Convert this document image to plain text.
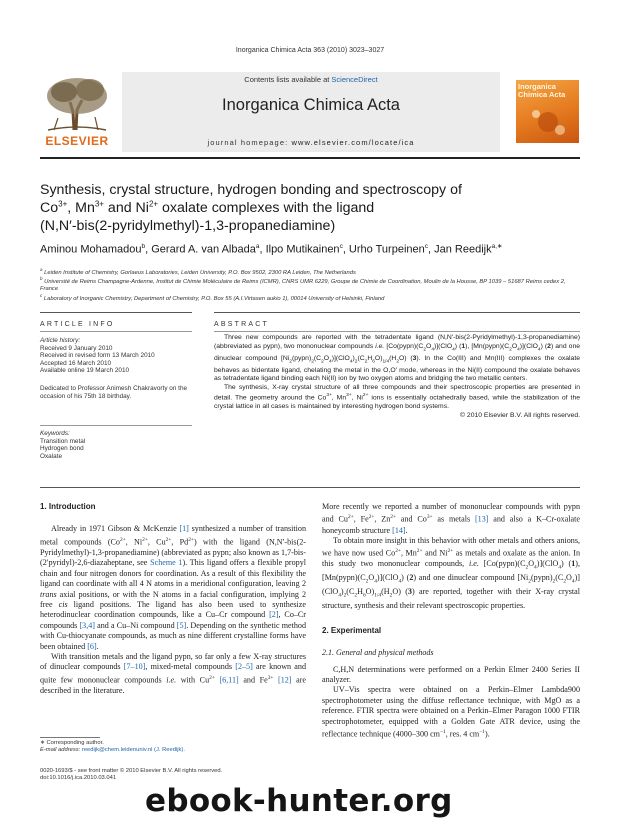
Inorganica Chimica Acta 363 (2010) 3023–3027
Contents lists available at ScienceDirect
Inorganica Chimica Acta
journal homepage: www.elsevier.com/locate/ica
ELSEVIER
Inorganica
Chimica Acta
Synthesis, crystal structure, hydrogen bonding and spectroscopy of
$Co^{3+}$, $Mn^{3+}$ and $Ni^{2+}$ oxalate complexes with the ligand
(N,N′-bis(2-pyridylmethyl)-1,3-propanediamine)
Aminou Mohamadou$^b$, Gerard A. van Albada$^a$, Ilpo Mutikainen$^c$, Urho Turpeinen$^c$, Jan Reedijk$^{a,∗}$
$^a$ Leiden Institute of Chemistry, Gorlaeus Laboratories, Leiden University, P.O. Box 9502, 2300 RA Leiden, The Netherlands
$^b$ Université de Reims Champagne-Ardenne, Institut de Chimie Moléculaire de Reims (ICMR), CNRS UMR 6229, Groupe de Chimie de Coordination, Moulin de la Housse, BP 1039 – 51687 Reims cedex 2, France
$^c$ Laboratory of Inorganic Chemistry, Department of Chemistry, P.O. Box 55 (A.I.Virtasen aukio 1), 00014 University of Helsinki, Finland
ARTICLE INFO	ABSTRACT
Article history:
Received 9 January 2010
Received in revised form 13 March 2010
Accepted 16 March 2010
Available online 19 March 2010
Dedicated to Professor Animesh Chakravorty on the occasion of his 75th 18 birthday.
Keywords:
Transition metal
Hydrogen bond
Oxalate

Three new compounds are reported with the tetradentate ligand (N,N′-bis(2-Pyridylmethyl)-1,3-propanediamine) (abbreviated as pypn), two mononuclear compounds i.e. $[Co(pypn)(C_2O_4)](ClO_4)$ (1), $[Mn(pypn)(C_2O_4)](ClO_4)$ (2) and one dinuclear compound $[Ni_2(pypn)_2(C_2O_4)](ClO_4)_2(C_2H_6O)_{1/4}(H_2O)$ (3). In the Co(III) and Mn(III) complexes the oxalate behaves as bidentate ligand, chelating the metal in the O,O′ mode, whereas in the Ni(II) compound the oxalate behaves as tetradentate ligand binding each Ni(II) ion by two oxygen atoms and bridging the two metallic centers.

The synthesis, X-ray crystal structure of all three compounds and their spectroscopic properties are presented in detail. The geometry around the $Co^{3+}$, $Mn^{3+}$, $Ni^{2+}$ ions is essentially octahedrally based, while the stabilization of the crystal lattice in all cases is maintained by interesting hydrogen bond systems.

© 2010 Elsevier B.V. All rights reserved.

1. Introduction

Already in 1971 Gibson & McKenzie [1] synthesized a number of transition metal compounds ($Co^{2+}$, $Ni^{2+}$, $Cu^{2+}$, $Pd^{2+}$) with the ligand (N,N′-bis(2-Pyridylmethyl)-1,3-propanediamine) (abbreviated as pypn; also known as 1,7-bis-(2′pyridyl)-2,6-diazaheptane, see Scheme 1). This ligand offers a flexible propyl chain and four nitrogen donors for coordination. As a result of this flexibility the ligand can coordinate with all 4 N atoms in a meridional configuration, leaving 2 trans axial positions, or with the N atoms in a facial configuration, implying 2 free cis ligand positions. The ligand has also been used to synthesize heterodinuclear coordination compounds, like a Cu–Cr compound [2], Co–Cr compounds [3,4] and a Cu–Ni compound [5]. Depending on the synthetic method with Cu-thiocyanate compounds, as much as nine different crystalline forms have been obtained [6].

With transition metals and the ligand pypn, so far only a few X-ray structures of dinuclear compounds [7–10], mixed-metal compounds [2–5] are known and quite few mononuclear compounds i.e. with $Cu^{2+}$ [6,11] and $Fe^{3+}$ [12] are described in the literature.

More recently we reported a number of mononuclear compounds with pypn and $Cu^{2+}$, $Fe^{2+}$, $Zn^{2+}$ and $Co^{3+}$ as metals [13] and also a K–Cr-oxalate honeycomb structure [14].

To obtain more insight in this behavior with other metals and others anions, we have now used $Co^{2+}$, $Mn^{2+}$ and $Ni^{2+}$ as metals and oxalate as the anion. In this study two mononuclear compounds, i.e. $[Co(pypn)(C_2O_4)](ClO_4)$ (1), $[Mn(pypn)(C_2O_4)](ClO_4)$ (2) and one dinuclear compound $[Ni_2(pypn)_2(C_2O_4)](ClO_4)_2(C_2H_6O)_{1/4}(H_2O)$ (3) are reported, together with their X-ray crystal structure, synthesis and their relevant spectroscopic properties.

2. Experimental

2.1. General and physical methods

C,H,N determinations were performed on a Perkin Elmer 2400 Series II analyzer.

UV–Vis spectra were obtained on a Perkin–Elmer Lambda900 spectrophotometer using the diffuse reflectance technique, with MgO as a reference. FTIR spectra were obtained on a Perkin–Elmer Paragon 1000 FTIR spectrophotometer, equipped with a Golden Gate ATR device, using the reflectance technique (4000–300 $cm^{-1}$, res. 4 $cm^{-1}$).

∗ Corresponding author.
E-mail address: reedijk@chem.leidenuniv.nl (J. Reedijk).
0020-1693/$ - see front matter © 2010 Elsevier B.V. All rights reserved.
doi:10.1016/j.ica.2010.03.041
ebook-hunter.org
